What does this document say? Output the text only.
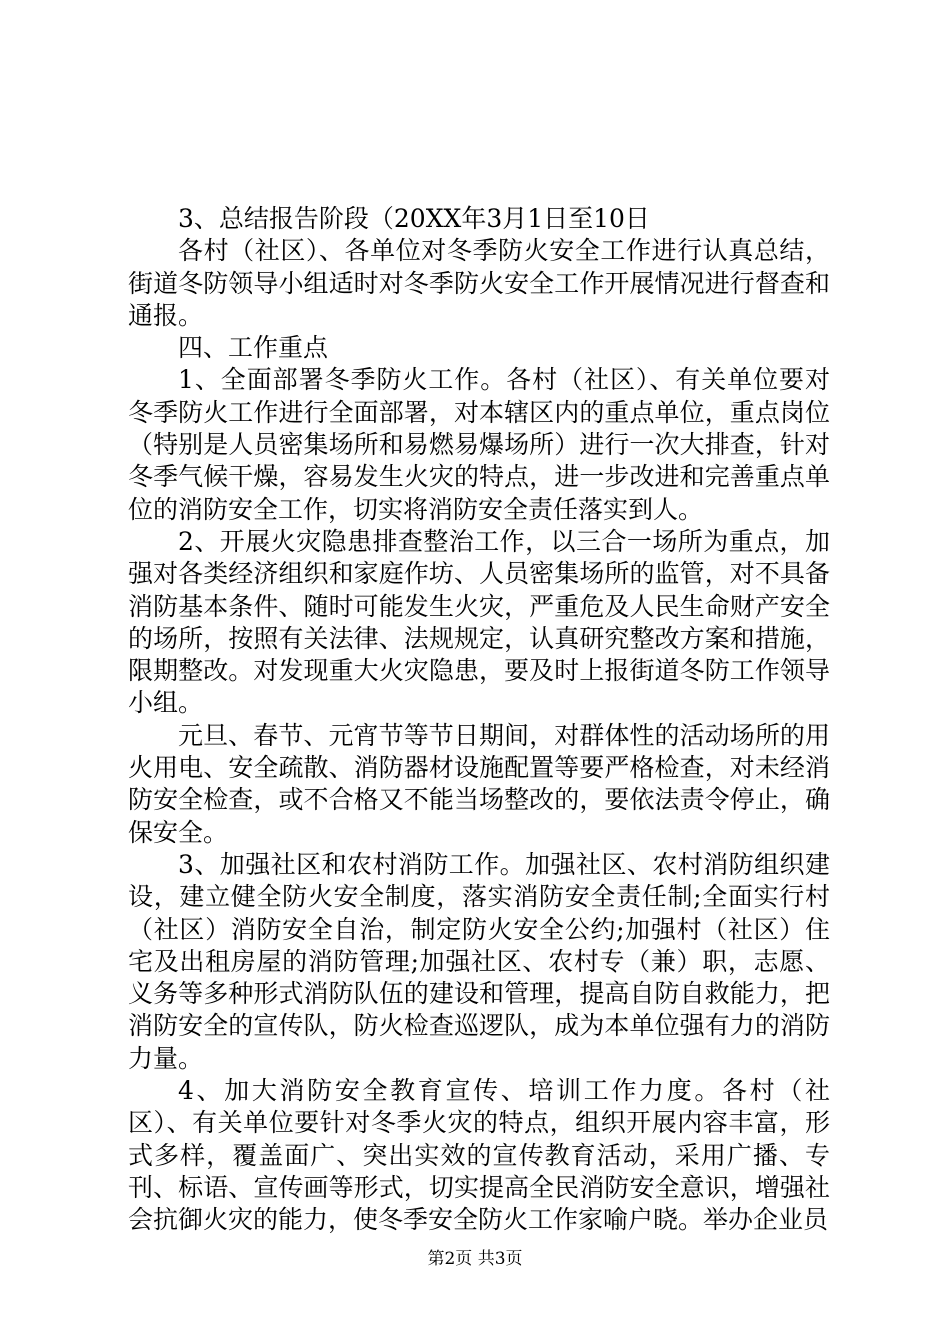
3、总结报告阶段（20XX年3月1日至10日

各村（社区）、各单位对冬季防火安全工作进行认真总结，街道冬防领导小组适时对冬季防火安全工作开展情况进行督查和通报。

四、工作重点

1、全面部署冬季防火工作。各村（社区）、有关单位要对冬季防火工作进行全面部署，对本辖区内的重点单位，重点岗位（特别是人员密集场所和易燃易爆场所）进行一次大排查，针对冬季气候干燥，容易发生火灾的特点，进一步改进和完善重点单位的消防安全工作，切实将消防安全责任落实到人。

2、开展火灾隐患排查整治工作，以三合一场所为重点，加强对各类经济组织和家庭作坊、人员密集场所的监管，对不具备消防基本条件、随时可能发生火灾，严重危及人民生命财产安全的场所，按照有关法律、法规规定，认真研究整改方案和措施，限期整改。对发现重大火灾隐患，要及时上报街道冬防工作领导小组。

元旦、春节、元宵节等节日期间，对群体性的活动场所的用火用电、安全疏散、消防器材设施配置等要严格检查，对未经消防安全检查，或不合格又不能当场整改的，要依法责令停止，确保安全。

3、加强社区和农村消防工作。加强社区、农村消防组织建设，建立健全防火安全制度，落实消防安全责任制;全面实行村（社区）消防安全自治，制定防火安全公约;加强村（社区）住宅及出租房屋的消防管理;加强社区、农村专（兼）职，志愿、义务等多种形式消防队伍的建设和管理，提高自防自救能力，把消防安全的宣传队，防火检查巡逻队，成为本单位强有力的消防力量。

4、加大消防安全教育宣传、培训工作力度。各村（社区）、有关单位要针对冬季火灾的特点，组织开展内容丰富，形式多样，覆盖面广、突出实效的宣传教育活动，采用广播、专刊、标语、宣传画等形式，切实提高全民消防安全意识，增强社会抗御火灾的能力，使冬季安全防火工作家喻户晓。举办企业员

第2页 共3页
